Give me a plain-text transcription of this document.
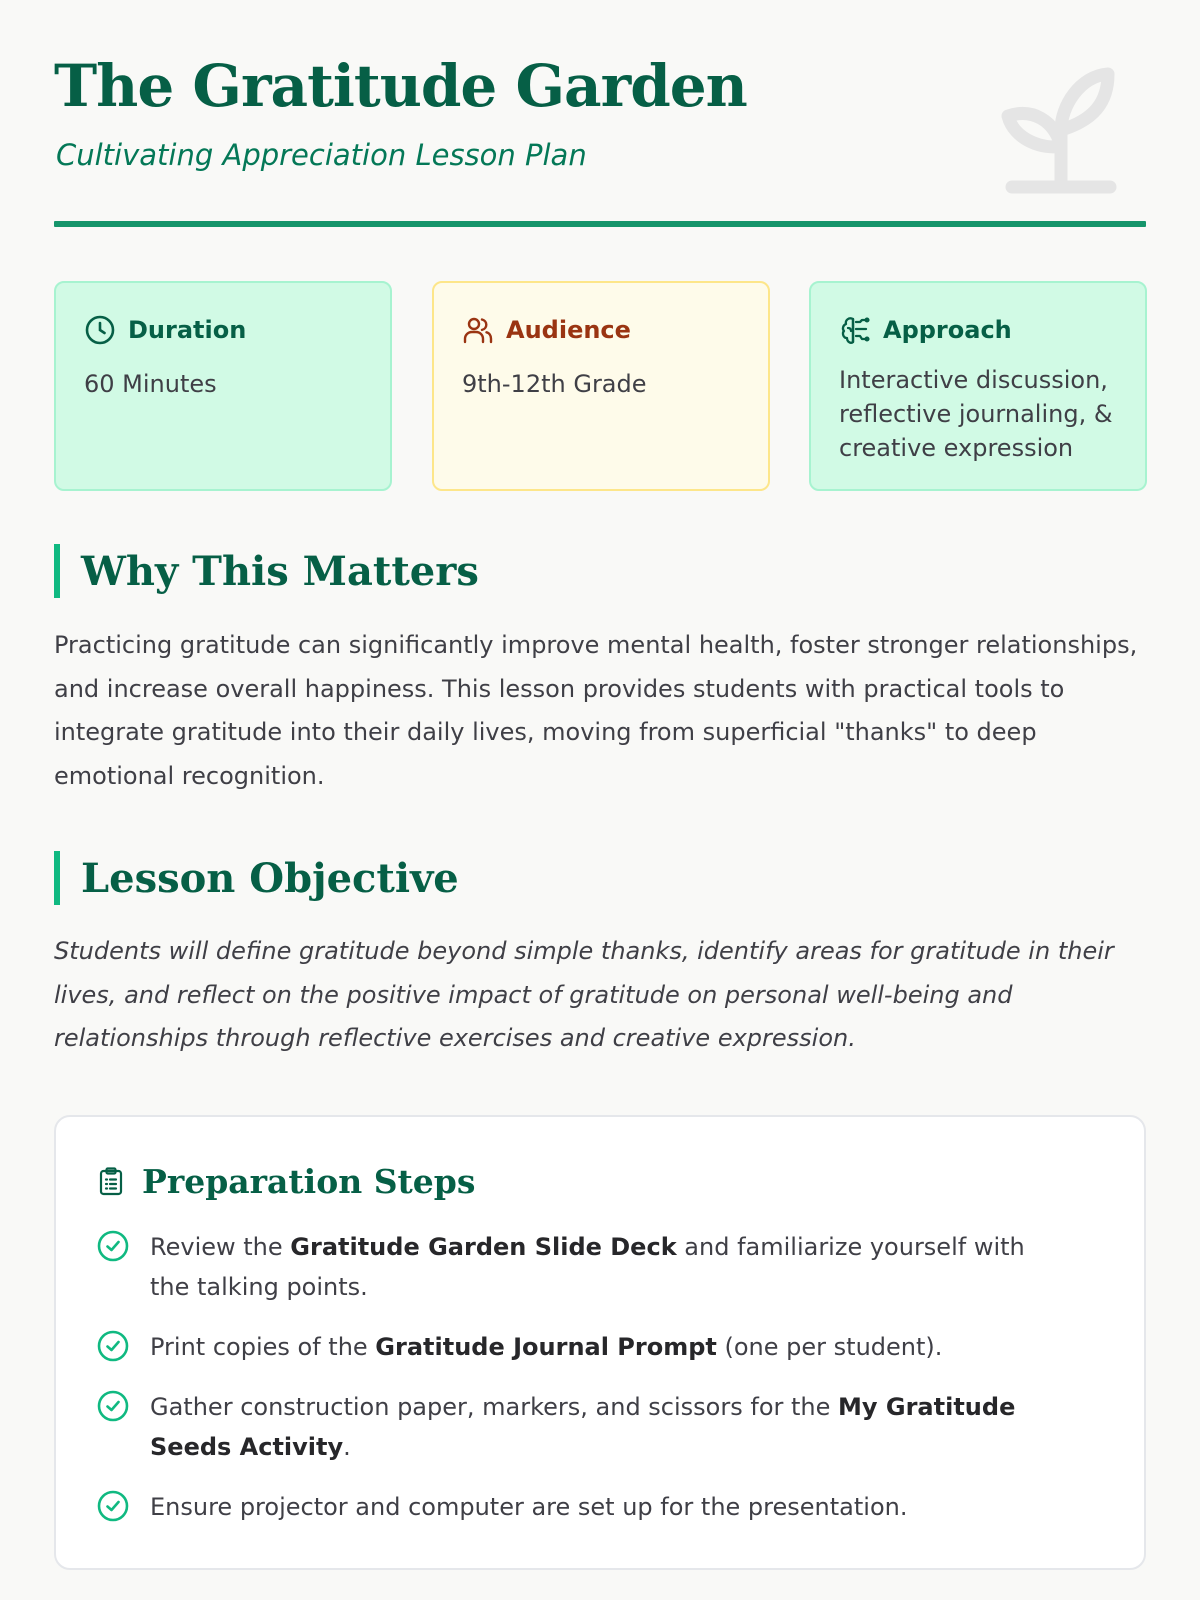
The Gratitude Garden
Cultivating Appreciation Lesson Plan
Duration
60 Minutes
Audience
9th-12th Grade
Approach
Interactive discussion, reflective journaling, & creative expression
Why This Matters

Practicing gratitude can significantly improve mental health, foster stronger relationships, and increase overall happiness. This lesson provides students with practical tools to integrate gratitude into their daily lives, moving from superficial "thanks" to deep emotional recognition.

Lesson Objective

Students will define gratitude beyond simple thanks, identify areas for gratitude in their lives, and reflect on the positive impact of gratitude on personal well-being and relationships through reflective exercises and creative expression.

Preparation Steps
Review the Gratitude Garden Slide Deck and familiarize yourself with the talking points.
Print copies of the Gratitude Journal Prompt (one per student).
Gather construction paper, markers, and scissors for the My Gratitude Seeds Activity.
Ensure projector and computer are set up for the presentation.
